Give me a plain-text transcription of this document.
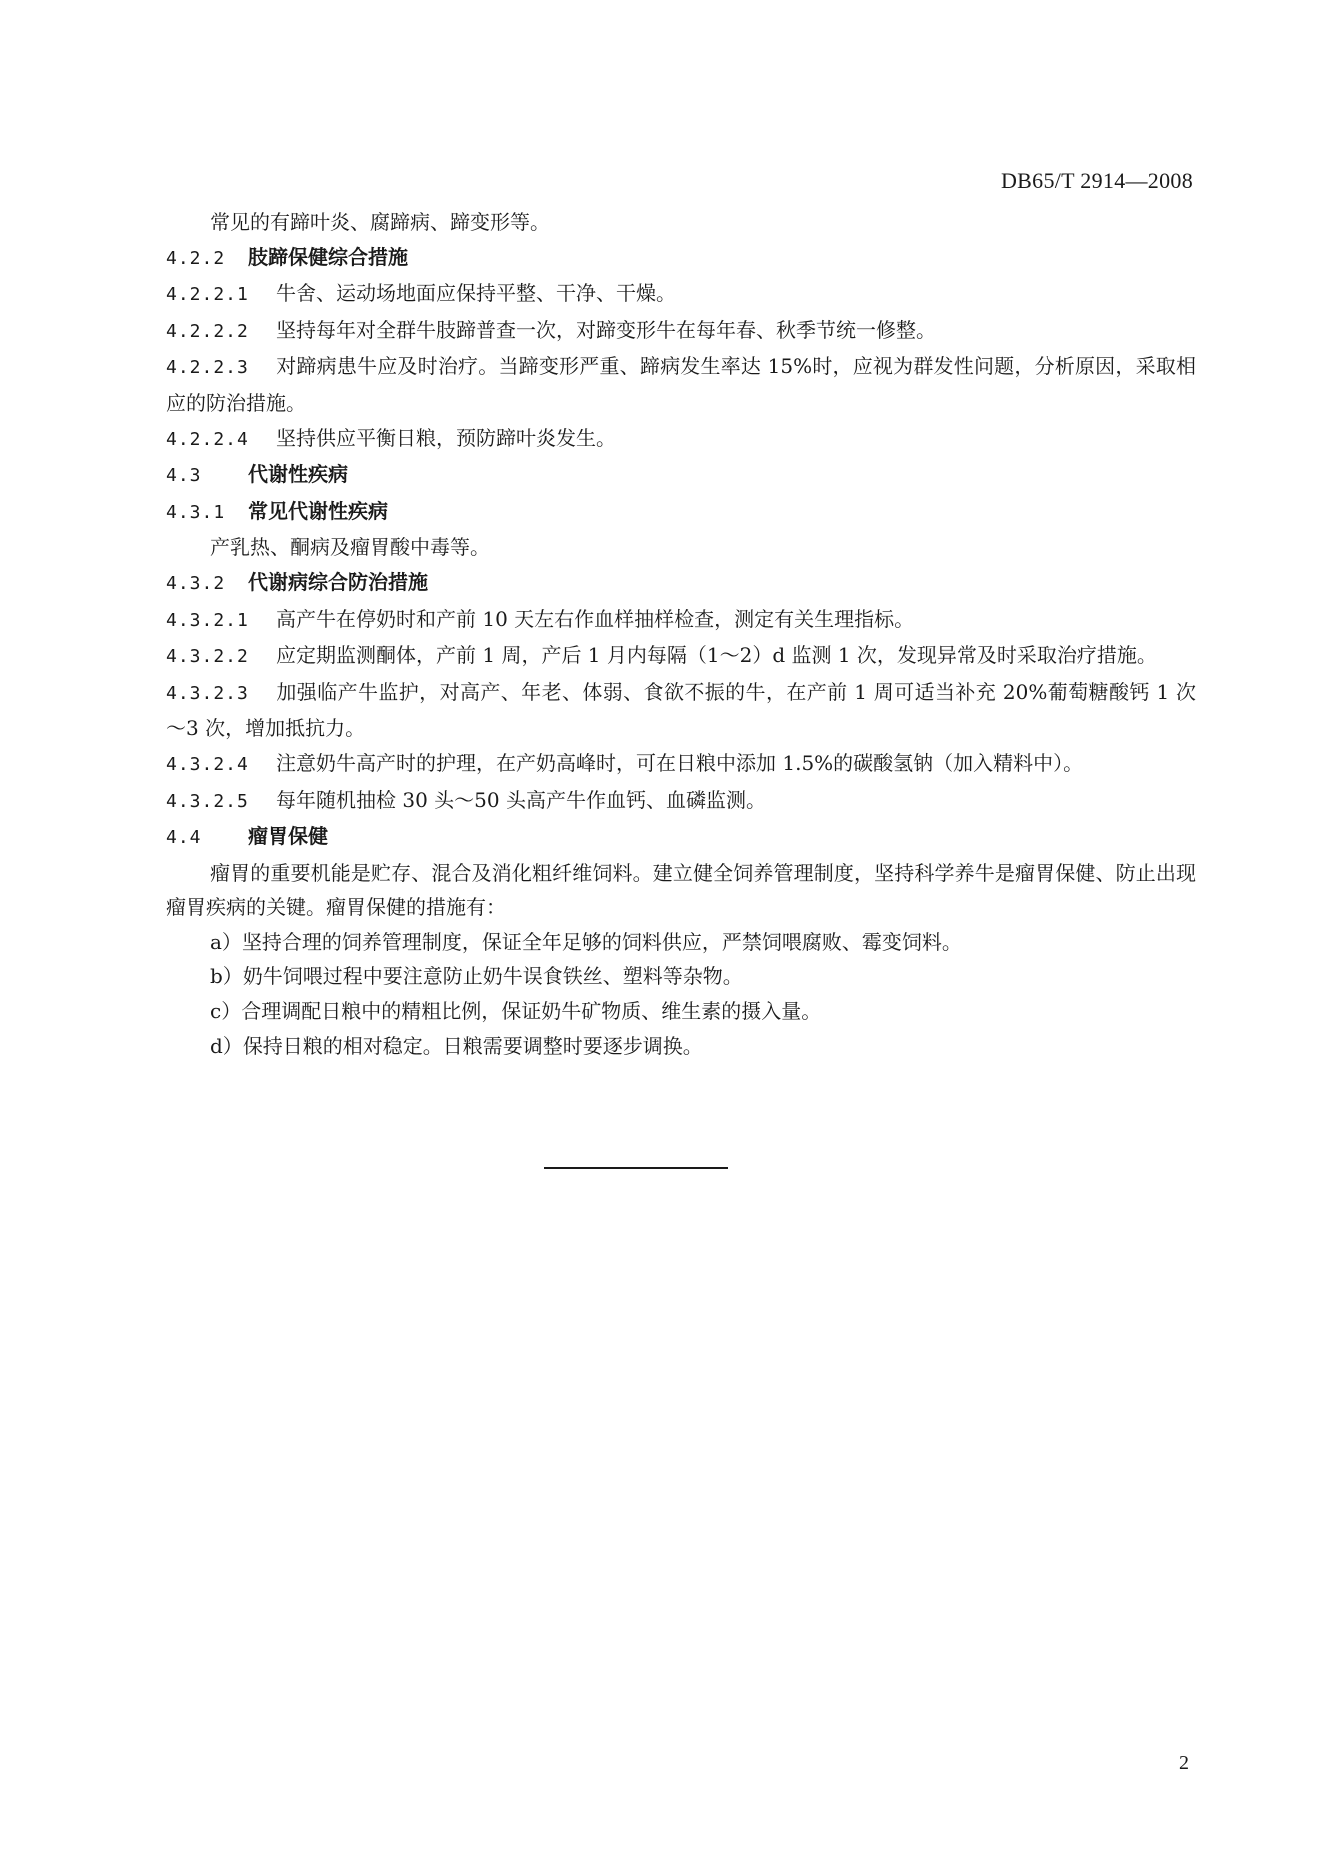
DB65/T 2914—2008
常见的有蹄叶炎、腐蹄病、蹄变形等。
4.2.2 肢蹄保健综合措施
4.2.2.1 牛舍、运动场地面应保持平整、干净、干燥。
4.2.2.2 坚持每年对全群牛肢蹄普查一次，对蹄变形牛在每年春、秋季节统一修整。
4.2.2.3 对蹄病患牛应及时治疗。当蹄变形严重、蹄病发生率达 15%时，应视为群发性问题，分析原因，采取相应的防治措施。
4.2.2.4 坚持供应平衡日粮，预防蹄叶炎发生。
4.3 代谢性疾病
4.3.1 常见代谢性疾病
产乳热、酮病及瘤胃酸中毒等。
4.3.2 代谢病综合防治措施
4.3.2.1 高产牛在停奶时和产前 10 天左右作血样抽样检查，测定有关生理指标。
4.3.2.2 应定期监测酮体，产前 1 周，产后 1 月内每隔（1～2）d 监测 1 次，发现异常及时采取治疗措施。
4.3.2.3 加强临产牛监护，对高产、年老、体弱、食欲不振的牛，在产前 1 周可适当补充 20%葡萄糖酸钙 1 次～3 次，增加抵抗力。
4.3.2.4 注意奶牛高产时的护理，在产奶高峰时，可在日粮中添加 1.5%的碳酸氢钠（加入精料中）。
4.3.2.5 每年随机抽检 30 头～50 头高产牛作血钙、血磷监测。
4.4 瘤胃保健
瘤胃的重要机能是贮存、混合及消化粗纤维饲料。建立健全饲养管理制度，坚持科学养牛是瘤胃保健、防止出现瘤胃疾病的关键。瘤胃保健的措施有：
a）坚持合理的饲养管理制度，保证全年足够的饲料供应，严禁饲喂腐败、霉变饲料。
b）奶牛饲喂过程中要注意防止奶牛误食铁丝、塑料等杂物。
c）合理调配日粮中的精粗比例，保证奶牛矿物质、维生素的摄入量。
d）保持日粮的相对稳定。日粮需要调整时要逐步调换。
2
